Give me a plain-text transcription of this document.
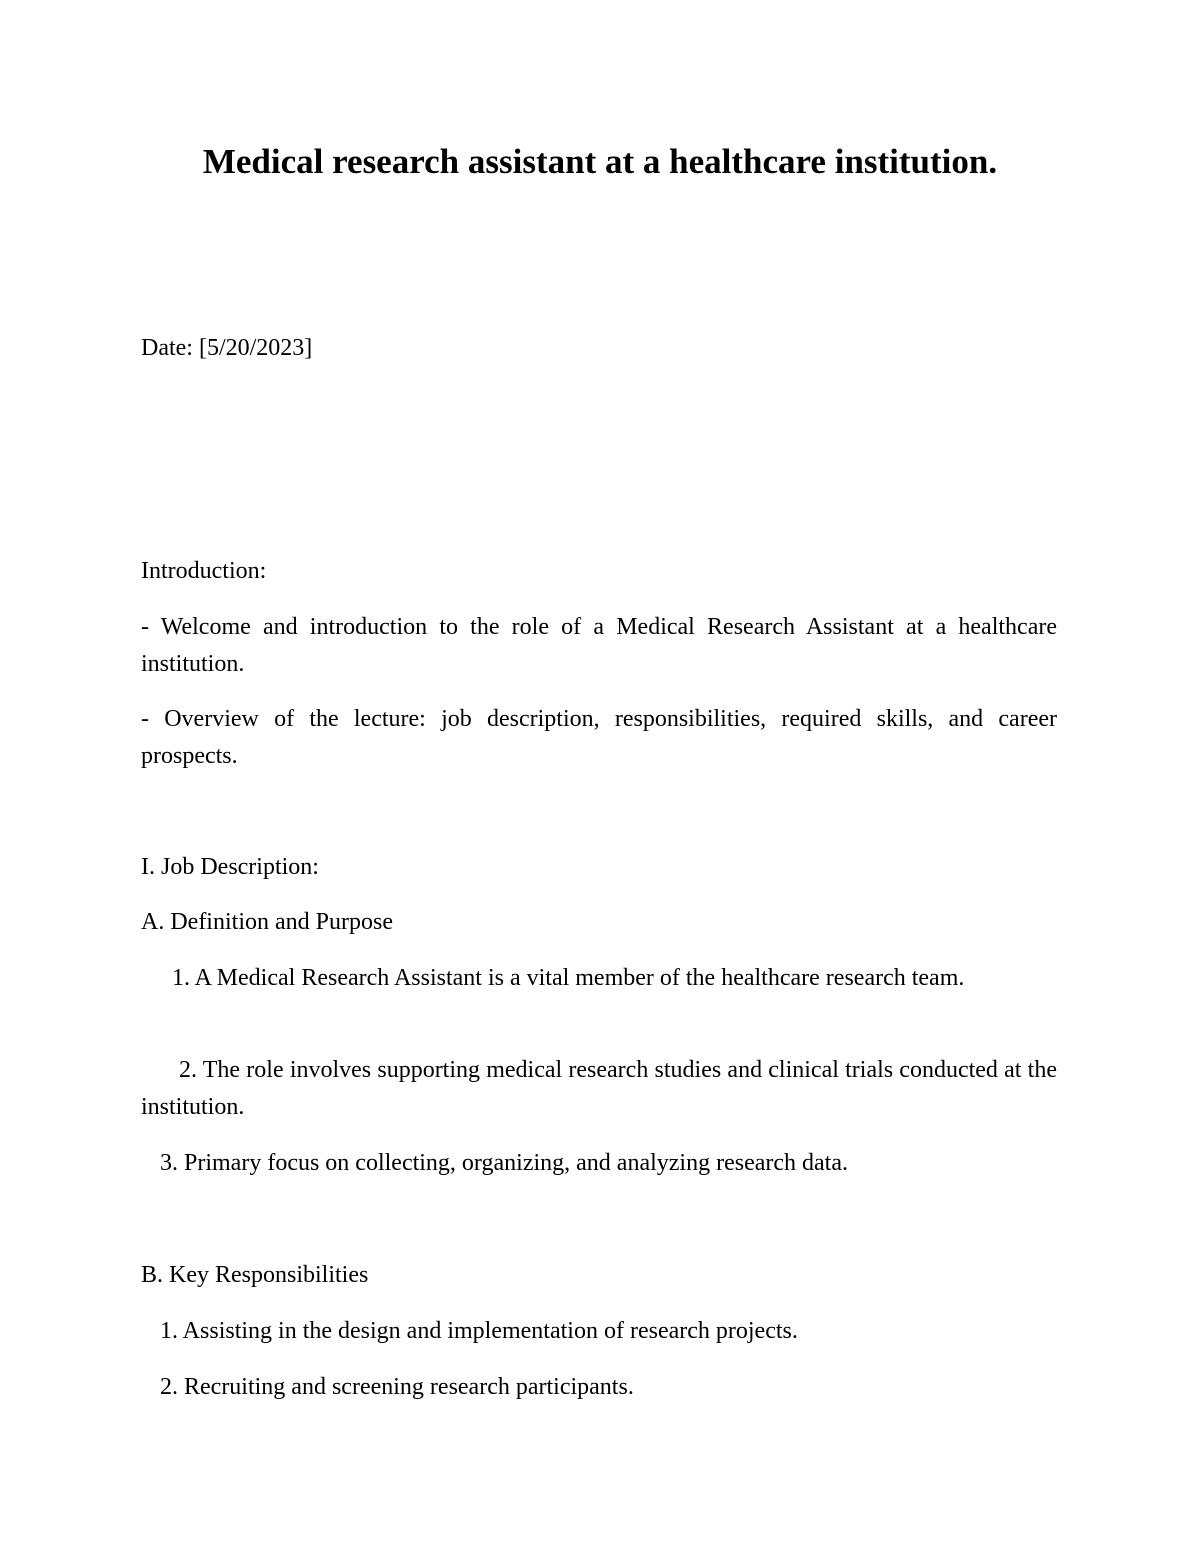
Medical research assistant at a healthcare institution.

Date: [5/20/2023]

Introduction:

- Welcome and introduction to the role of a Medical Research Assistant at a healthcare institution.

- Overview of the lecture: job description, responsibilities, required skills, and career prospects.

I. Job Description:

A. Definition and Purpose

1. A Medical Research Assistant is a vital member of the healthcare research team.

2. The role involves supporting medical research studies and clinical trials conducted at the institution.

3. Primary focus on collecting, organizing, and analyzing research data.

B. Key Responsibilities

1. Assisting in the design and implementation of research projects.

2. Recruiting and screening research participants.
